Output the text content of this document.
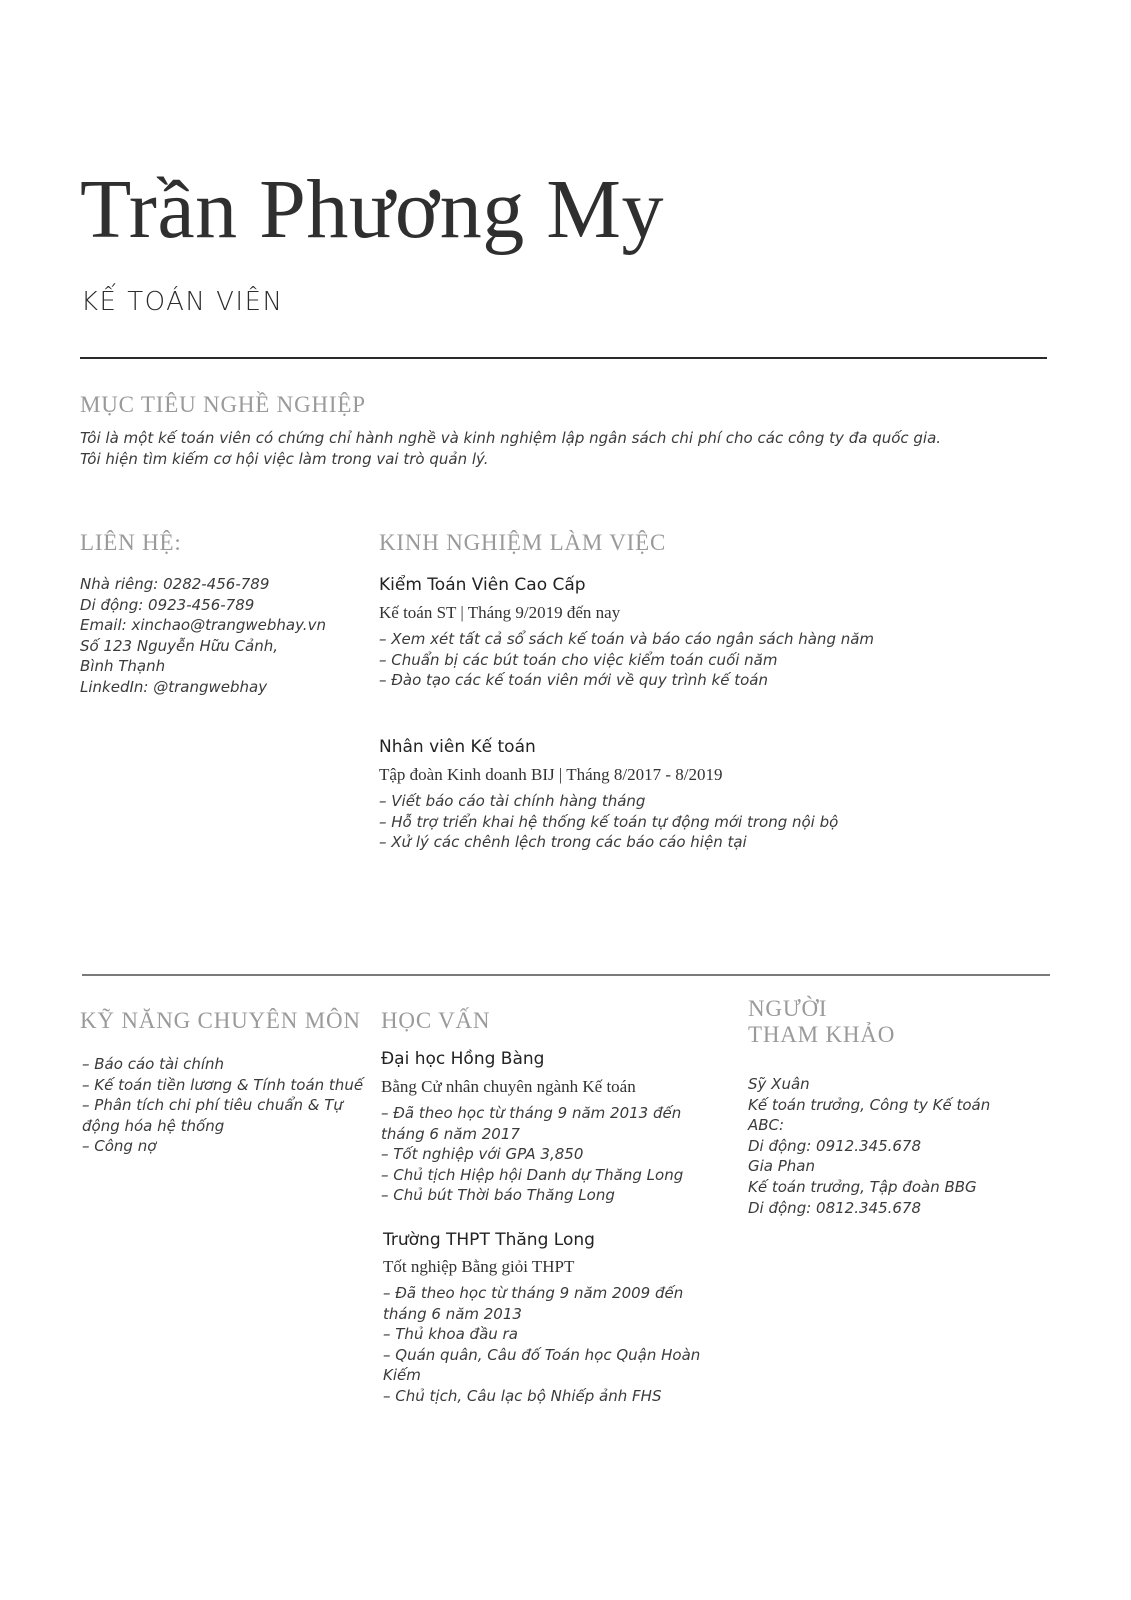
Trần Phương My
KẾ TOÁN VIÊN
MỤC TIÊU NGHỀ NGHIỆP
Tôi là một kế toán viên có chứng chỉ hành nghề và kinh nghiệm lập ngân sách chi phí cho các công ty đa quốc gia.
Tôi hiện tìm kiếm cơ hội việc làm trong vai trò quản lý.
LIÊN HỆ:
Nhà riêng: 0282-456-789
Di động: 0923-456-789
Email: xinchao@trangwebhay.vn
Số 123 Nguyễn Hữu Cảnh,
Bình Thạnh
LinkedIn: @trangwebhay
KINH NGHIỆM LÀM VIỆC
Kiểm Toán Viên Cao Cấp
Kế toán ST | Tháng 9/2019 đến nay
– Xem xét tất cả sổ sách kế toán và báo cáo ngân sách hàng năm
– Chuẩn bị các bút toán cho việc kiểm toán cuối năm
– Đào tạo các kế toán viên mới về quy trình kế toán
Nhân viên Kế toán
Tập đoàn Kinh doanh BIJ | Tháng 8/2017 - 8/2019
– Viết báo cáo tài chính hàng tháng
– Hỗ trợ triển khai hệ thống kế toán tự động mới trong nội bộ
– Xử lý các chênh lệch trong các báo cáo hiện tại
KỸ NĂNG CHUYÊN MÔN
– Báo cáo tài chính
– Kế toán tiền lương & Tính toán thuế
– Phân tích chi phí tiêu chuẩn & Tự động hóa hệ thống
– Công nợ
HỌC VẤN
Đại học Hồng Bàng
Bằng Cử nhân chuyên ngành Kế toán
– Đã theo học từ tháng 9 năm 2013 đến tháng 6 năm 2017
– Tốt nghiệp với GPA 3,850
– Chủ tịch Hiệp hội Danh dự Thăng Long
– Chủ bút Thời báo Thăng Long
Trường THPT Thăng Long
Tốt nghiệp Bằng giỏi THPT
– Đã theo học từ tháng 9 năm 2009 đến tháng 6 năm 2013
– Thủ khoa đầu ra
– Quán quân, Câu đố Toán học Quận Hoàn Kiếm
– Chủ tịch, Câu lạc bộ Nhiếp ảnh FHS
NGƯỜI
THAM KHẢO
Sỹ Xuân
Kế toán trưởng, Công ty Kế toán ABC:
Di động: 0912.345.678
Gia Phan
Kế toán trưởng, Tập đoàn BBG
Di động: 0812.345.678
